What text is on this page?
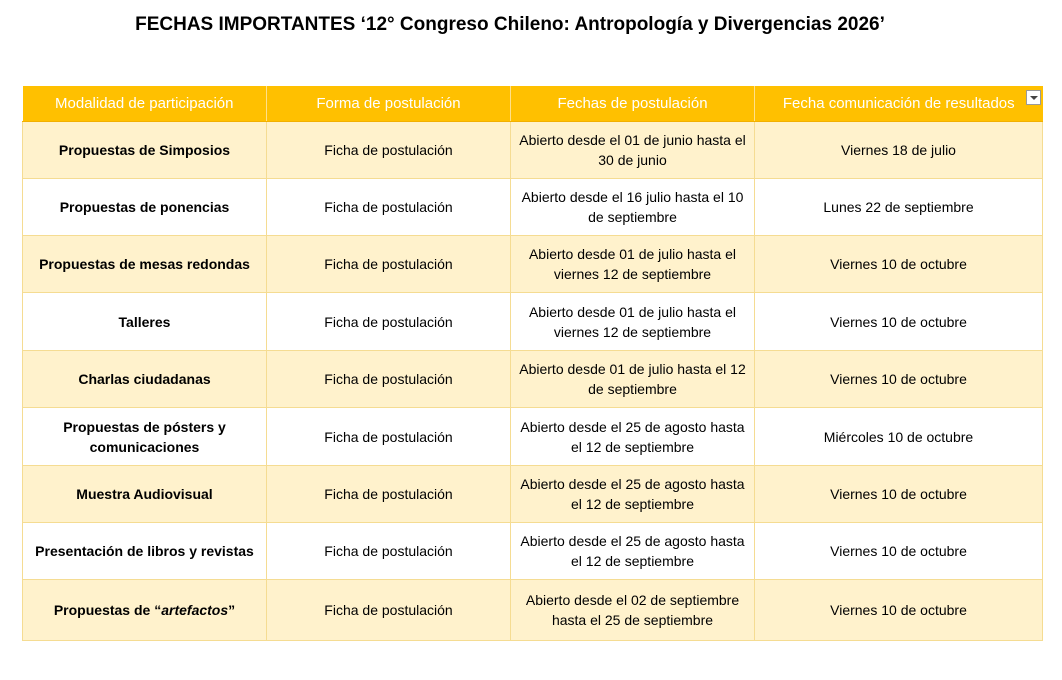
FECHAS IMPORTANTES ‘12° Congreso Chileno: Antropología y Divergencias 2026’
Modalidad de participación	Forma de postulación	Fechas de postulación	Fecha comunicación de resultados

Propuestas de Simposios	Ficha de postulación	Abierto desde el 01 de junio hasta el 30 de junio	Viernes 18 de julio
Propuestas de ponencias	Ficha de postulación	Abierto desde el 16 julio hasta el 10 de septiembre	Lunes 22 de septiembre
Propuestas de mesas redondas	Ficha de postulación	Abierto desde 01 de julio hasta el viernes 12 de septiembre	Viernes 10 de octubre
Talleres	Ficha de postulación	Abierto desde 01 de julio hasta el viernes 12 de septiembre	Viernes 10 de octubre
Charlas ciudadanas	Ficha de postulación	Abierto desde 01 de julio hasta el 12 de septiembre	Viernes 10 de octubre
Propuestas de pósters y comunicaciones	Ficha de postulación	Abierto desde el 25 de agosto hasta el 12 de septiembre	Miércoles 10 de octubre
Muestra Audiovisual	Ficha de postulación	Abierto desde el 25 de agosto hasta el 12 de septiembre	Viernes 10 de octubre
Presentación de libros y revistas	Ficha de postulación	Abierto desde el 25 de agosto hasta el 12 de septiembre	Viernes 10 de octubre
Propuestas de “artefactos”	Ficha de postulación	Abierto desde el 02 de septiembre hasta el 25 de septiembre	Viernes 10 de octubre
